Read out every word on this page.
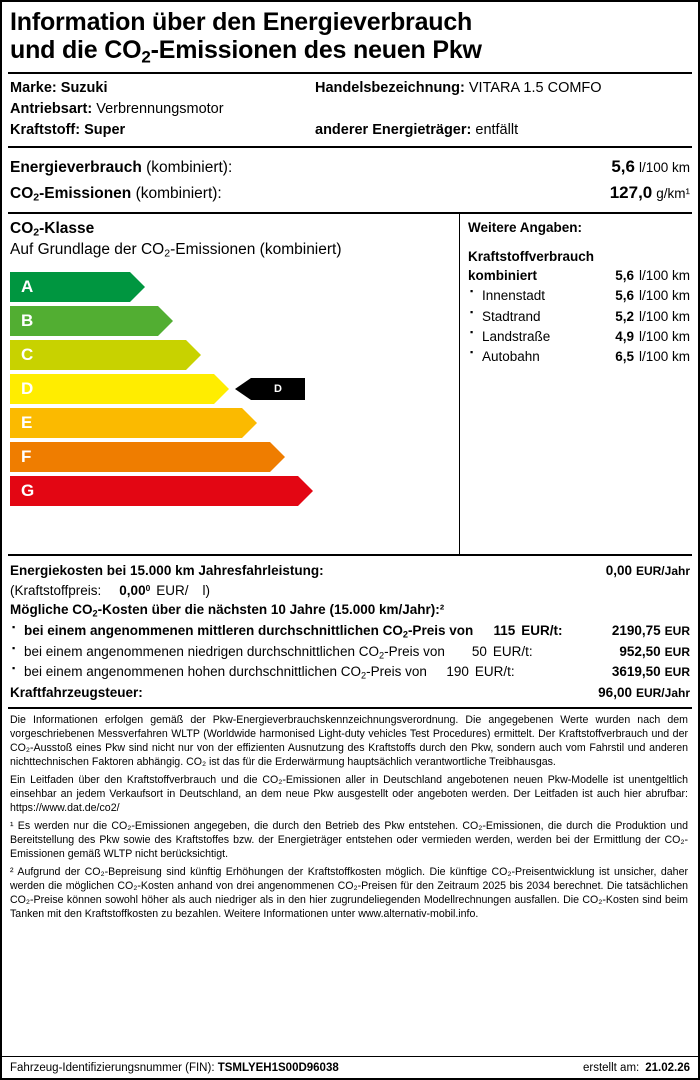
Information über den Energieverbrauch
und die $CO_2$-Emissionen des neuen Pkw
Marke: Suzuki	Handelsbezeichnung: VITARA 1.5 COMFO
Antriebsart: Verbrennungsmotor
Kraftstoff: Super	anderer Energieträger: entfällt
Energieverbrauch (kombiniert):	5,6 l/100 km
$CO_2$-Emissionen (kombiniert):	127,0 g/km¹
$CO_2$-Klasse
Auf Grundlage der $CO_2$-Emissionen (kombiniert)
A
B
C
D	D
E
F
G
Weitere Angaben:
Kraftstoffverbrauch
kombiniert	5,6 l/100 km
▪ Innenstadt	5,6 l/100 km
▪ Stadtrand	5,2 l/100 km
▪ Landstraße	4,9 l/100 km
▪ Autobahn	6,5 l/100 km
Energiekosten bei 15.000 km Jahresfahrleistung:	0,00 EUR/Jahr
(Kraftstoffpreis: 0,00$^0$ EUR/ l)
Mögliche $CO_2$-Kosten über die nächsten 10 Jahre (15.000 km/Jahr):²
▪ bei einem angenommenen mittleren durchschnittlichen $CO_2$-Preis von	115 EUR/t:	2190,75 EUR
▪ bei einem angenommenen niedrigen durchschnittlichen $CO_2$-Preis von	50 EUR/t:	952,50 EUR
▪ bei einem angenommenen hohen durchschnittlichen $CO_2$-Preis von	190 EUR/t:	3619,50 EUR
Kraftfahrzeugsteuer:	96,00 EUR/Jahr

Die Informationen erfolgen gemäß der Pkw-Energieverbrauchskennzeichnungsverordnung. Die angegebenen Werte wurden nach dem vorgeschriebenen Messverfahren WLTP (Worldwide harmonised Light-duty vehicles Test Procedures) ermittelt. Der Kraftstoffverbrauch und der CO₂-Ausstoß eines Pkw sind nicht nur von der effizienten Ausnutzung des Kraftstoffs durch den Pkw, sondern auch vom Fahrstil und anderen nichttechnischen Faktoren abhängig. CO₂ ist das für die Erderwärmung hauptsächlich verantwortliche Treibhausgas.

Ein Leitfaden über den Kraftstoffverbrauch und die CO₂-Emissionen aller in Deutschland angebotenen neuen Pkw-Modelle ist unentgeltlich einsehbar an jedem Verkaufsort in Deutschland, an dem neue Pkw ausgestellt oder angeboten werden. Der Leitfaden ist auch hier abrufbar: https://www.dat.de/co2/

¹ Es werden nur die CO₂-Emissionen angegeben, die durch den Betrieb des Pkw entstehen. CO₂-Emissionen, die durch die Produktion und Bereitstellung des Pkw sowie des Kraftstoffes bzw. der Energieträger entstehen oder vermieden werden, werden bei der Ermittlung der CO₂-Emissionen gemäß WLTP nicht berücksichtigt.

² Aufgrund der CO₂-Bepreisung sind künftig Erhöhungen der Kraftstoffkosten möglich. Die künftige CO₂-Preisentwicklung ist unsicher, daher werden die möglichen CO₂-Kosten anhand von drei angenommenen CO₂-Preisen für den Zeitraum 2025 bis 2034 berechnet. Die tatsächlichen CO₂-Preise können sowohl höher als auch niedriger als in den hier zugrundeliegenden Modellrechnungen ausfallen. Die CO₂-Kosten sind beim Tanken mit den Kraftstoffkosten zu bezahlen. Weitere Informationen unter www.alternativ-mobil.info.

Fahrzeug-Identifizierungsnummer (FIN): TSMLYEH1S00D96038	erstellt am: 21.02.26
